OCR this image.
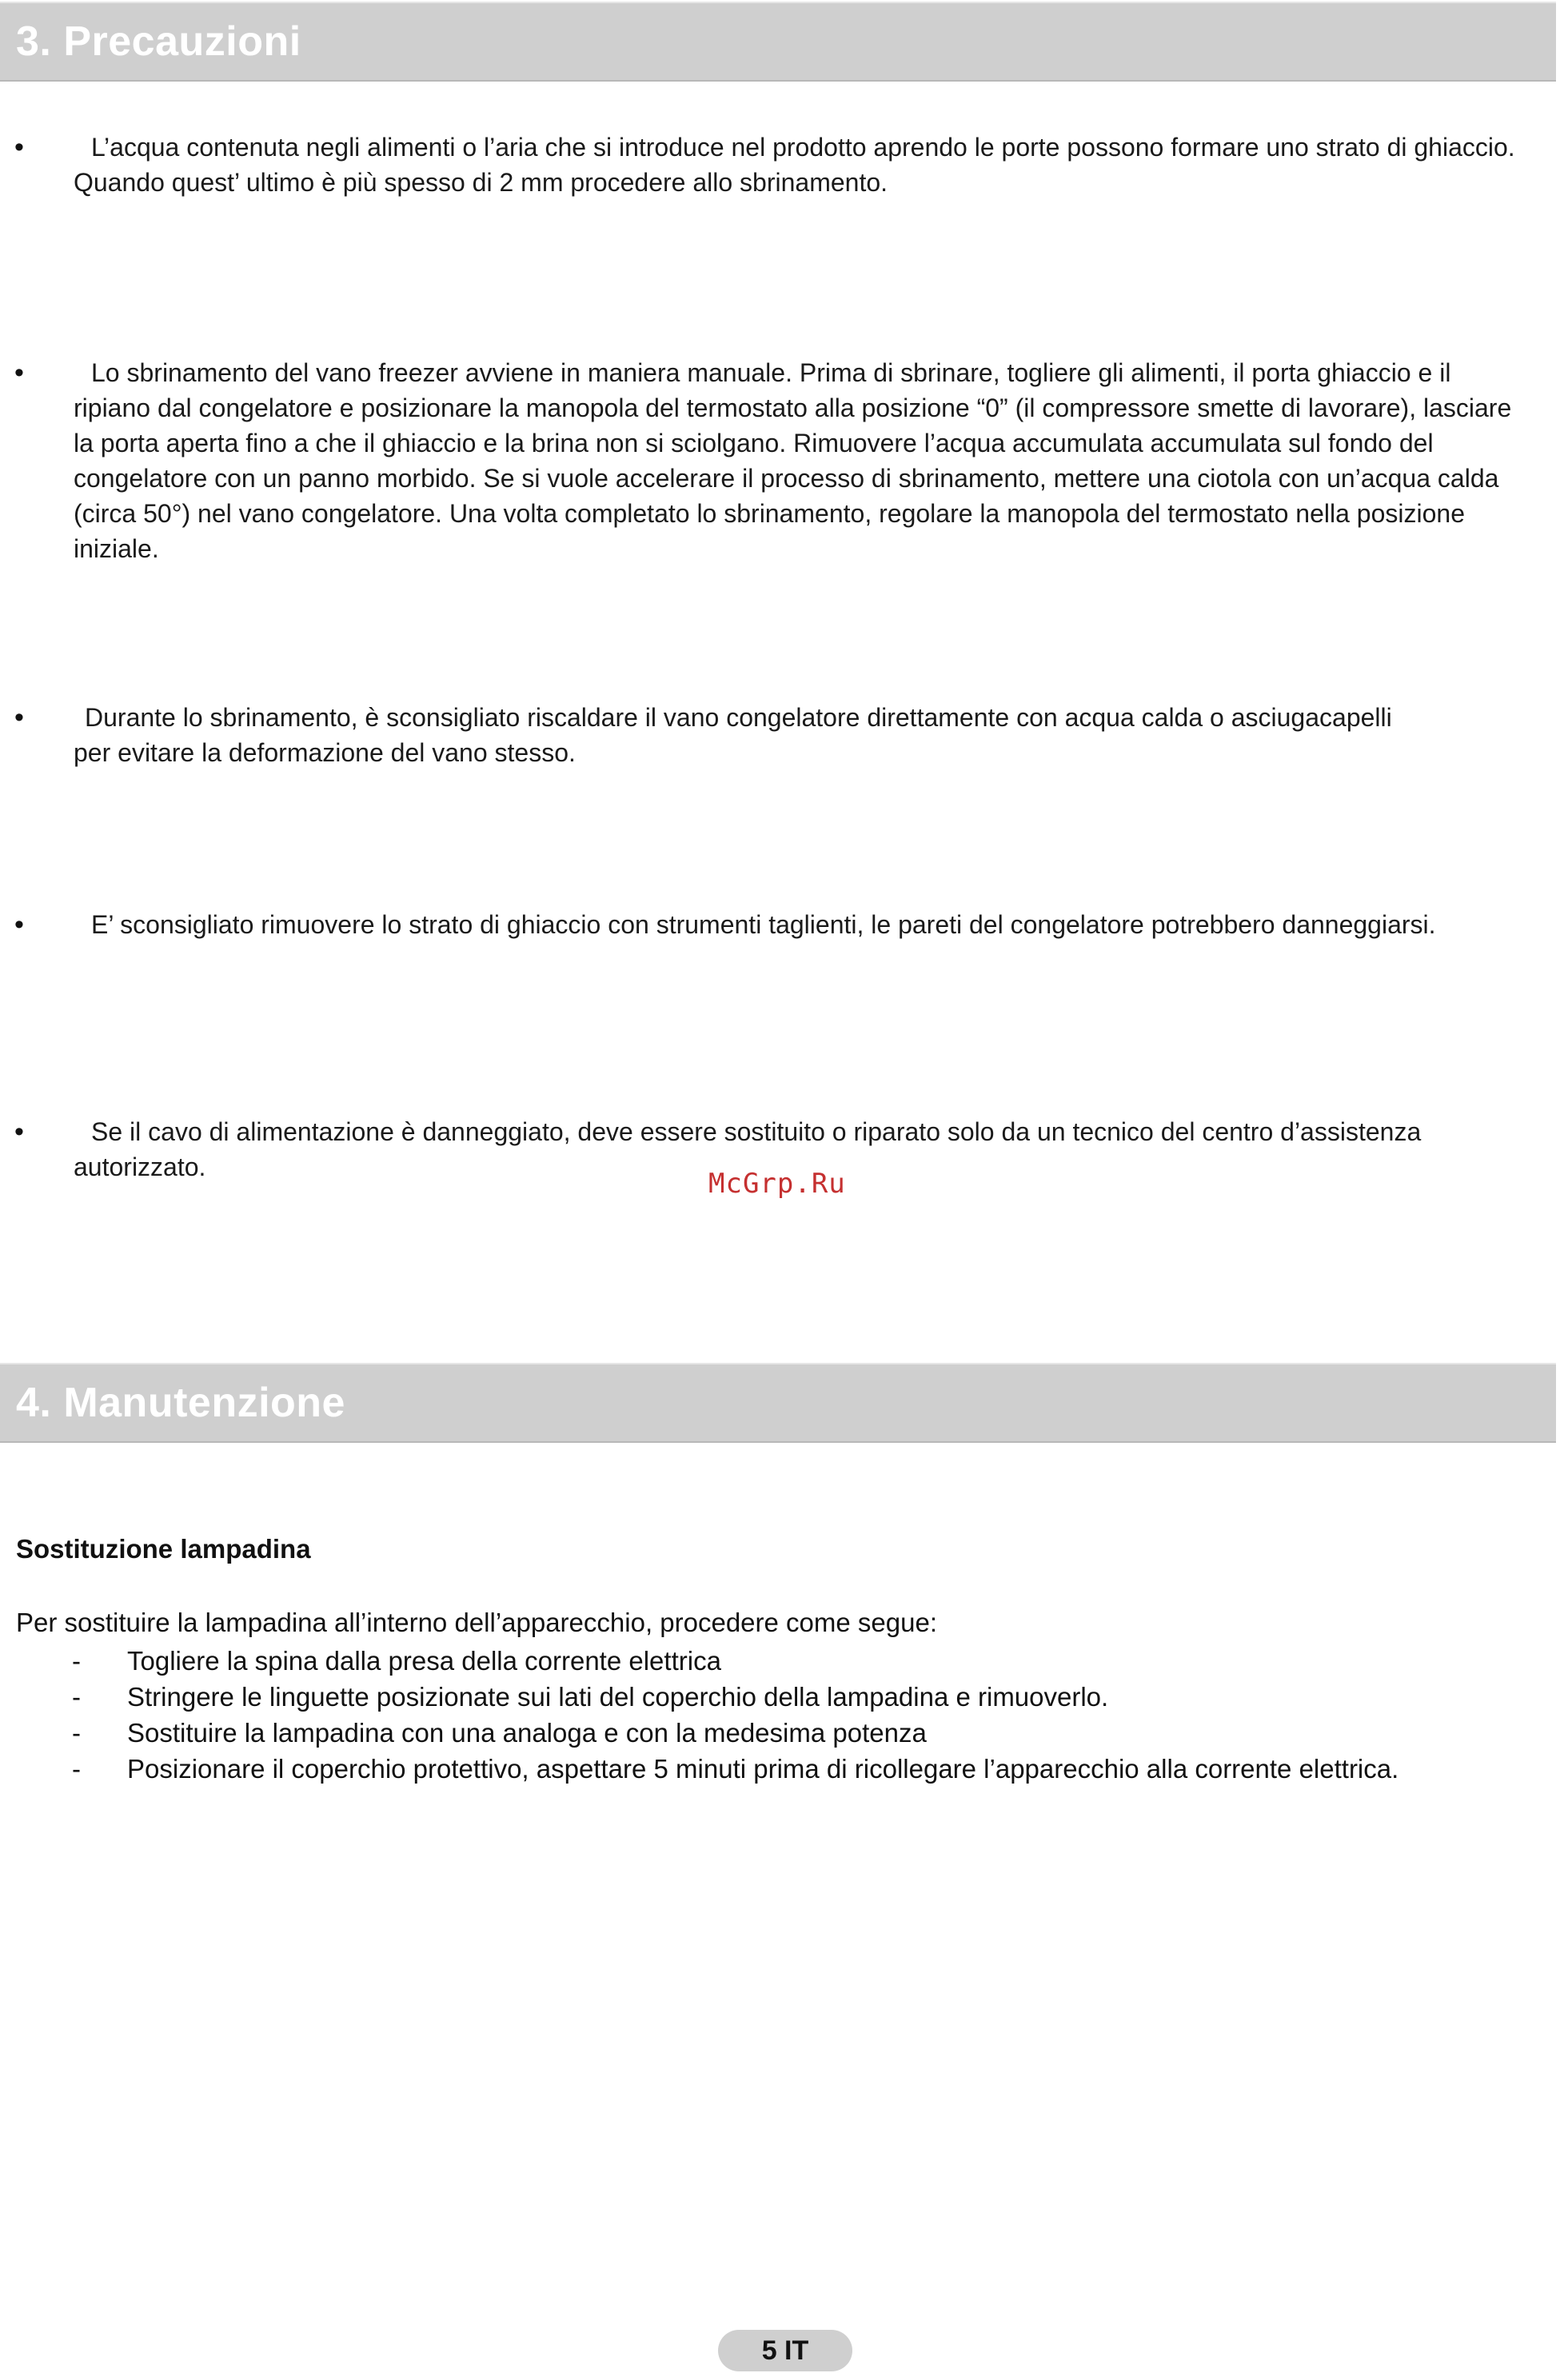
3. Precauzioni
•	L’acqua contenuta negli alimenti o l’aria che si introduce nel prodotto aprendo le porte possono formare uno strato di ghiaccio. Quando quest’ ultimo è più spesso di 2 mm procedere allo sbrinamento.
•	Lo sbrinamento del vano freezer avviene in maniera manuale. Prima di sbrinare, togliere gli alimenti, il porta ghiaccio e il ripiano dal congelatore e posizionare la manopola del termostato alla posizione “0” (il compressore smette di lavorare), lasciare la porta aperta fino a che il ghiaccio e la brina non si sciolgano. Rimuovere l’acqua accumulata accumulata sul fondo del congelatore con un panno morbido. Se si vuole accelerare il processo di sbrinamento, mettere una ciotola con un’acqua calda (circa 50°) nel vano congelatore. Una volta completato lo sbrinamento, regolare la manopola del termostato nella posizione iniziale.
•	Durante lo sbrinamento, è sconsigliato riscaldare il vano congelatore direttamente con acqua calda o asciugacapelli per evitare la deformazione del vano stesso.
•	E’ sconsigliato rimuovere lo strato di ghiaccio con strumenti taglienti, le pareti del congelatore potrebbero danneggiarsi.
•	Se il cavo di alimentazione è danneggiato, deve essere sostituito o riparato solo da un tecnico del centro d’assistenza autorizzato.
McGrp.Ru
4. Manutenzione
Sostituzione lampadina
Per sostituire la lampadina all’interno dell’apparecchio, procedere come segue:
- Togliere la spina dalla presa della corrente elettrica
- Stringere le linguette posizionate sui lati del coperchio della lampadina e rimuoverlo.
- Sostituire la lampadina con una analoga e con la medesima potenza
- Posizionare il coperchio protettivo, aspettare 5 minuti prima di ricollegare l’apparecchio alla corrente elettrica.
5 IT
